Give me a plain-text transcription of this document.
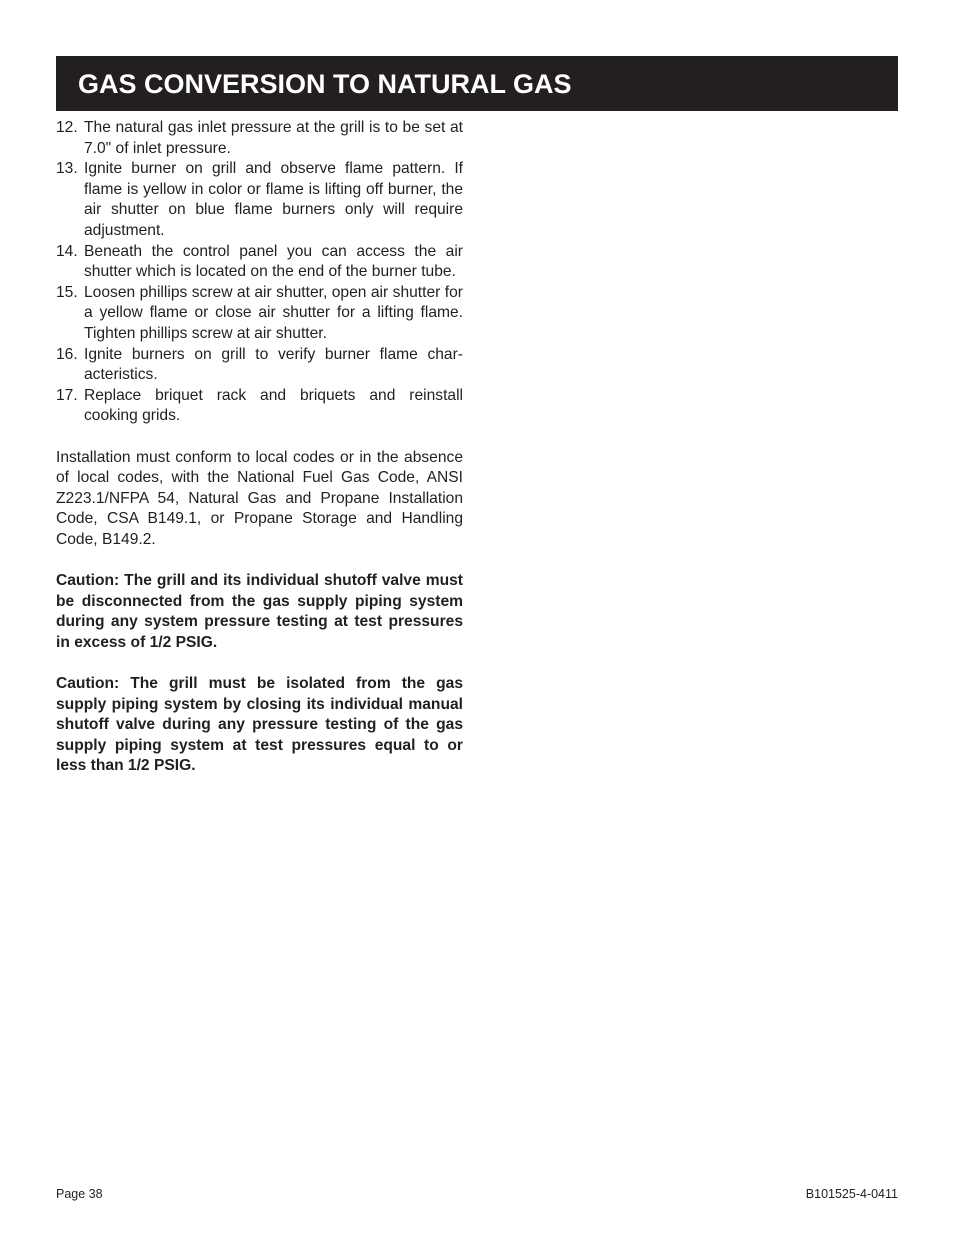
GAS CONVERSION TO NATURAL GAS
12. The natural gas inlet pressure at the grill is to be set at 7.0" of inlet pressure.
13. Ignite burner on grill and observe flame pattern. If flame is yellow in color or flame is lifting off burner, the air shutter on blue flame burners only will require adjustment.
14. Beneath the control panel you can access the air shutter which is located on the end of the burner tube.
15. Loosen phillips screw at air shutter, open air shutter for a yellow flame or close air shutter for a lifting flame. Tighten phillips screw at air shutter.
16. Ignite burners on grill to verify burner flame characteristics.
17. Replace briquet rack and briquets and reinstall cooking grids.

Installation must conform to local codes or in the absence of local codes, with the National Fuel Gas Code, ANSI Z223.1/NFPA 54, Natural Gas and Propane Installation Code, CSA B149.1, or Propane Storage and Handling Code, B149.2.

Caution: The grill and its individual shutoff valve must be disconnected from the gas supply piping system during any system pressure testing at test pressures in excess of 1/2 PSIG.

Caution: The grill must be isolated from the gas supply piping system by closing its individual manual shutoff valve during any pressure testing of the gas supply piping system at test pressures equal to or less than 1/2 PSIG.

Page 38	B101525-4-0411
